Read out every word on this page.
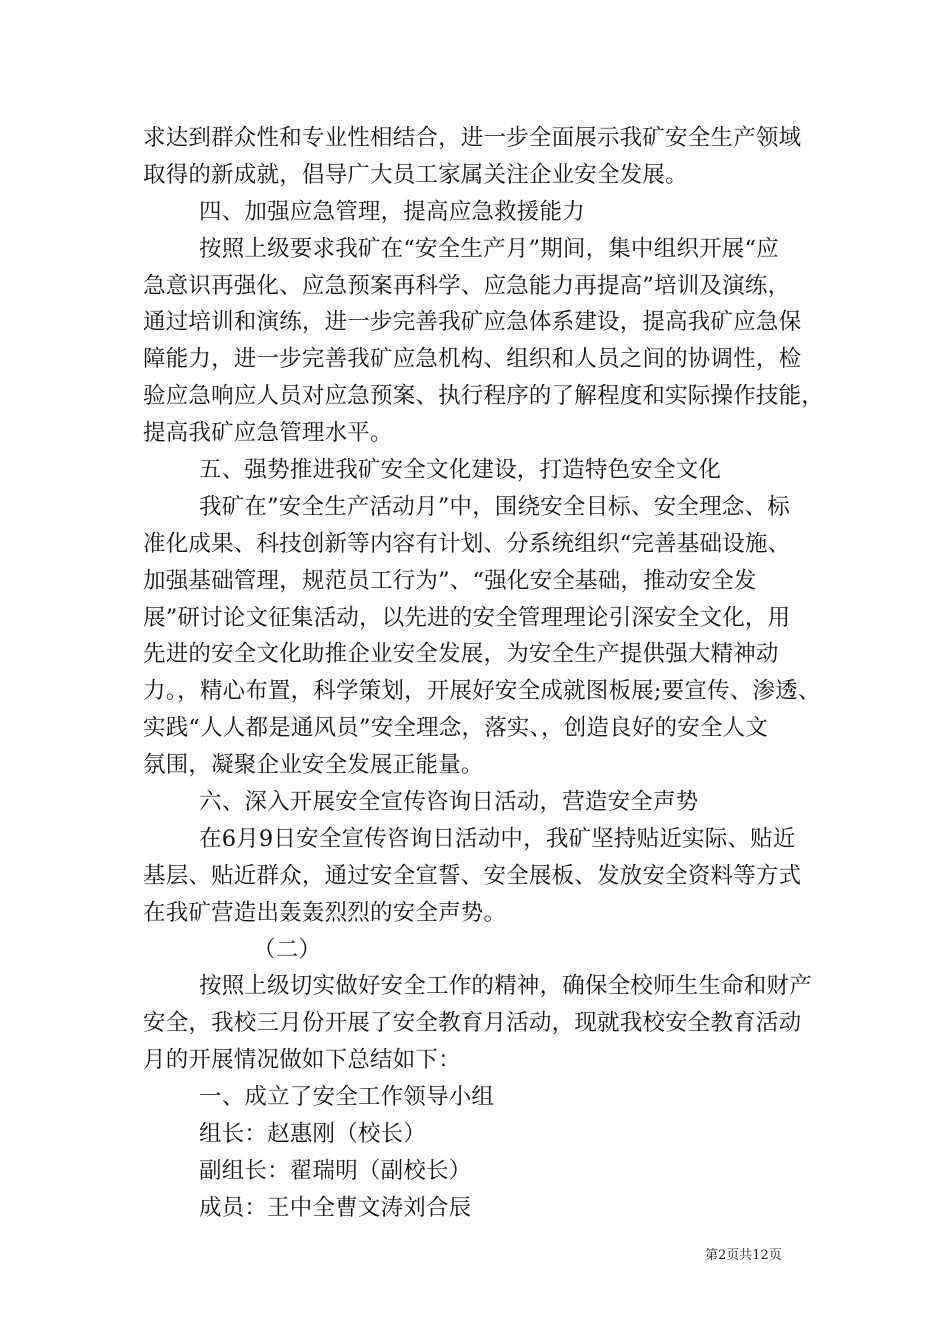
求达到群众性和专业性相结合，进一步全面展示我矿安全生产领域
取得的新成就，倡导广大员工家属关注企业安全发展。
四、加强应急管理，提高应急救援能力
按照上级要求我矿在“安全生产月”期间，集中组织开展“应
急意识再强化、应急预案再科学、应急能力再提高”培训及演练，
通过培训和演练，进一步完善我矿应急体系建设，提高我矿应急保
障能力，进一步完善我矿应急机构、组织和人员之间的协调性，检
验应急响应人员对应急预案、执行程序的了解程度和实际操作技能，
提高我矿应急管理水平。
五、强势推进我矿安全文化建设，打造特色安全文化
我矿在”安全生产活动月”中，围绕安全目标、安全理念、标
准化成果、科技创新等内容有计划、分系统组织“完善基础设施、
加强基础管理，规范员工行为”、“强化安全基础，推动安全发
展”研讨论文征集活动，以先进的安全管理理论引深安全文化，用
先进的安全文化助推企业安全发展，为安全生产提供强大精神动
力。，精心布置，科学策划，开展好安全成就图板展;要宣传、渗透、
实践“人人都是通风员”安全理念，落实、，创造良好的安全人文
氛围，凝聚企业安全发展正能量。
六、深入开展安全宣传咨询日活动，营造安全声势
在6月9日安全宣传咨询日活动中，我矿坚持贴近实际、贴近
基层、贴近群众，通过安全宣誓、安全展板、发放安全资料等方式
在我矿营造出轰轰烈烈的安全声势。
（二）
按照上级切实做好安全工作的精神，确保全校师生生命和财产
安全，我校三月份开展了安全教育月活动，现就我校安全教育活动
月的开展情况做如下总结如下：
一、成立了安全工作领导小组
组长：赵惠刚（校长）
副组长：翟瑞明（副校长）
成员：王中全曹文涛刘合辰
第2页共12页
